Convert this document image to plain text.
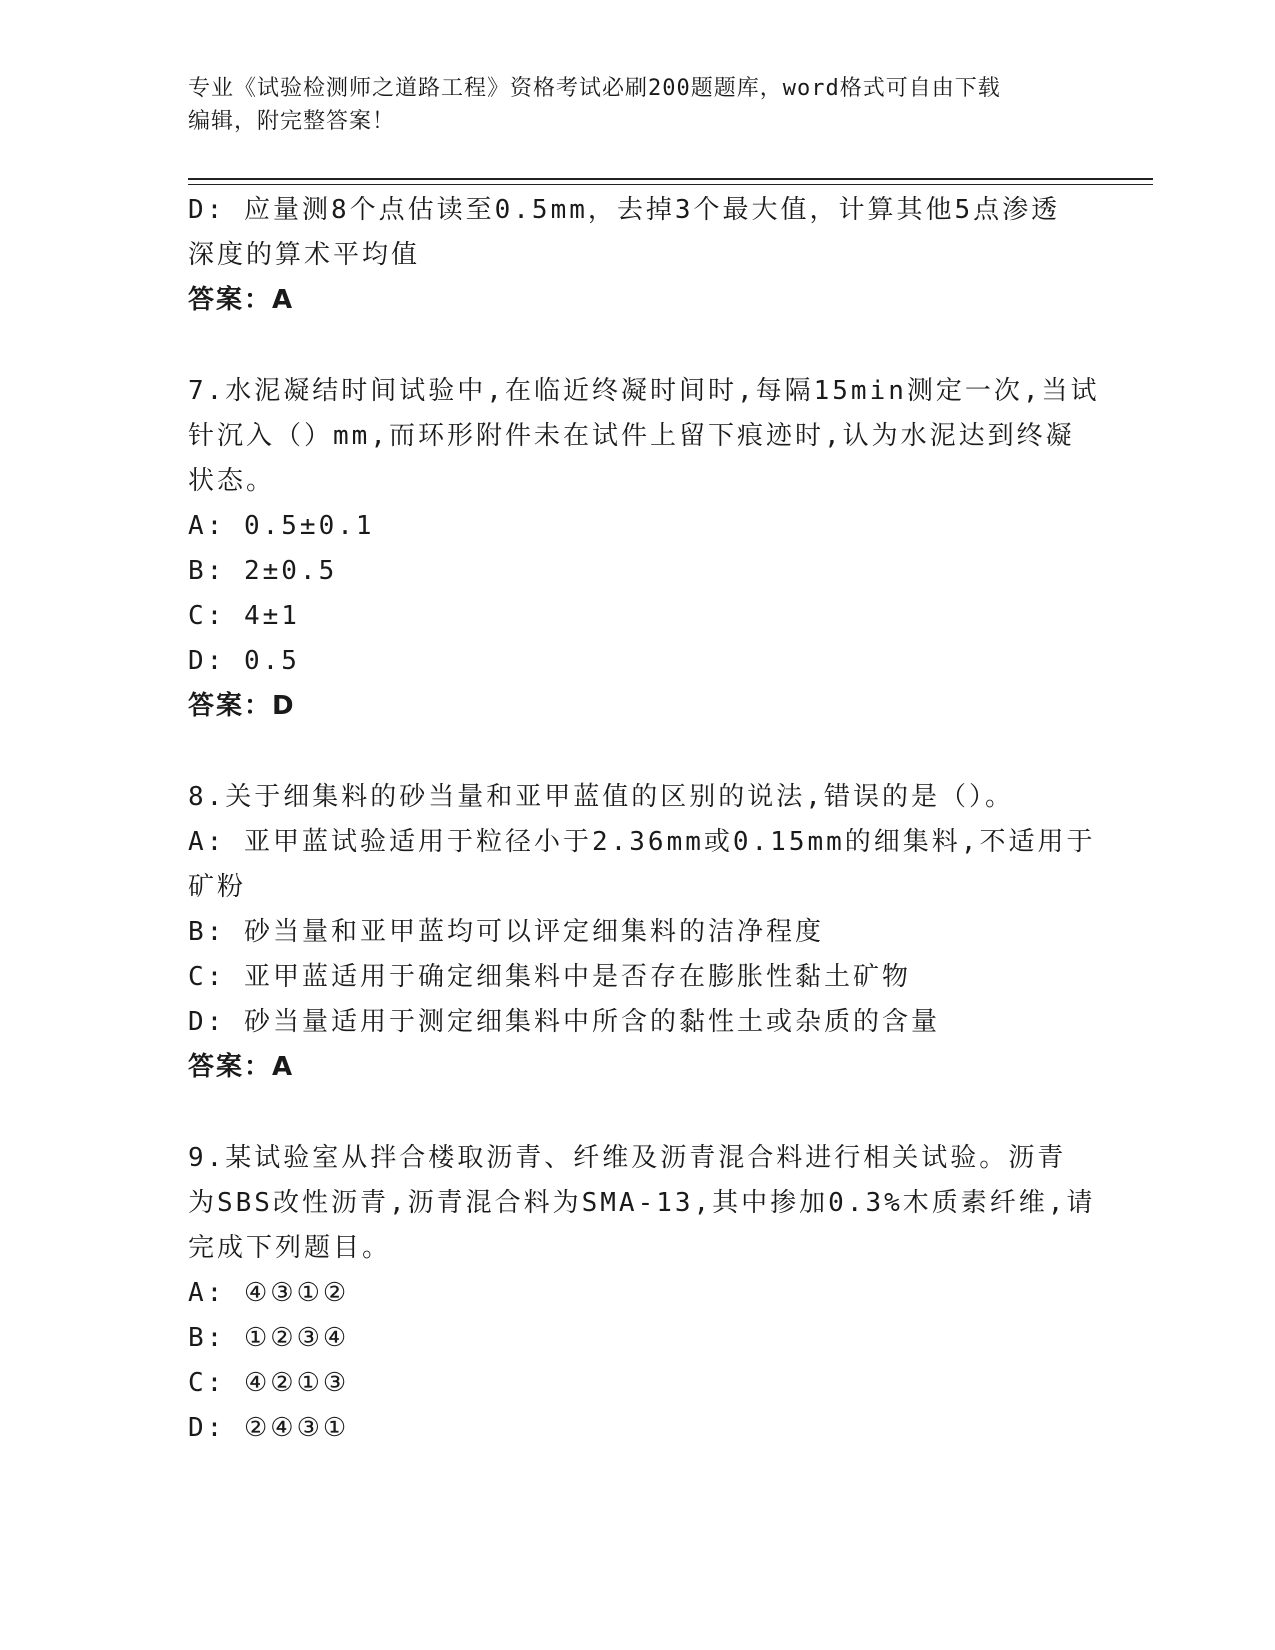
专业《试验检测师之道路工程》资格考试必刷200题题库，word格式可自由下载
编辑，附完整答案！
D: 应量测8个点估读至0.5mm，去掉3个最大值，计算其他5点渗透
深度的算术平均值
答案：A
7.水泥凝结时间试验中,在临近终凝时间时,每隔15min测定一次,当试
针沉入（）mm,而环形附件未在试件上留下痕迹时,认为水泥达到终凝
状态。
A: 0.5±0.1
B: 2±0.5
C: 4±1
D: 0.5
答案：D
8.关于细集料的砂当量和亚甲蓝值的区别的说法,错误的是（）。
A: 亚甲蓝试验适用于粒径小于2.36mm或0.15mm的细集料,不适用于
矿粉
B: 砂当量和亚甲蓝均可以评定细集料的洁净程度
C: 亚甲蓝适用于确定细集料中是否存在膨胀性黏土矿物
D: 砂当量适用于测定细集料中所含的黏性土或杂质的含量
答案：A
9.某试验室从拌合楼取沥青、纤维及沥青混合料进行相关试验。沥青
为SBS改性沥青,沥青混合料为SMA-13,其中掺加0.3%木质素纤维,请
完成下列题目。
A: ④③①②
B: ①②③④
C: ④②①③
D: ②④③①
